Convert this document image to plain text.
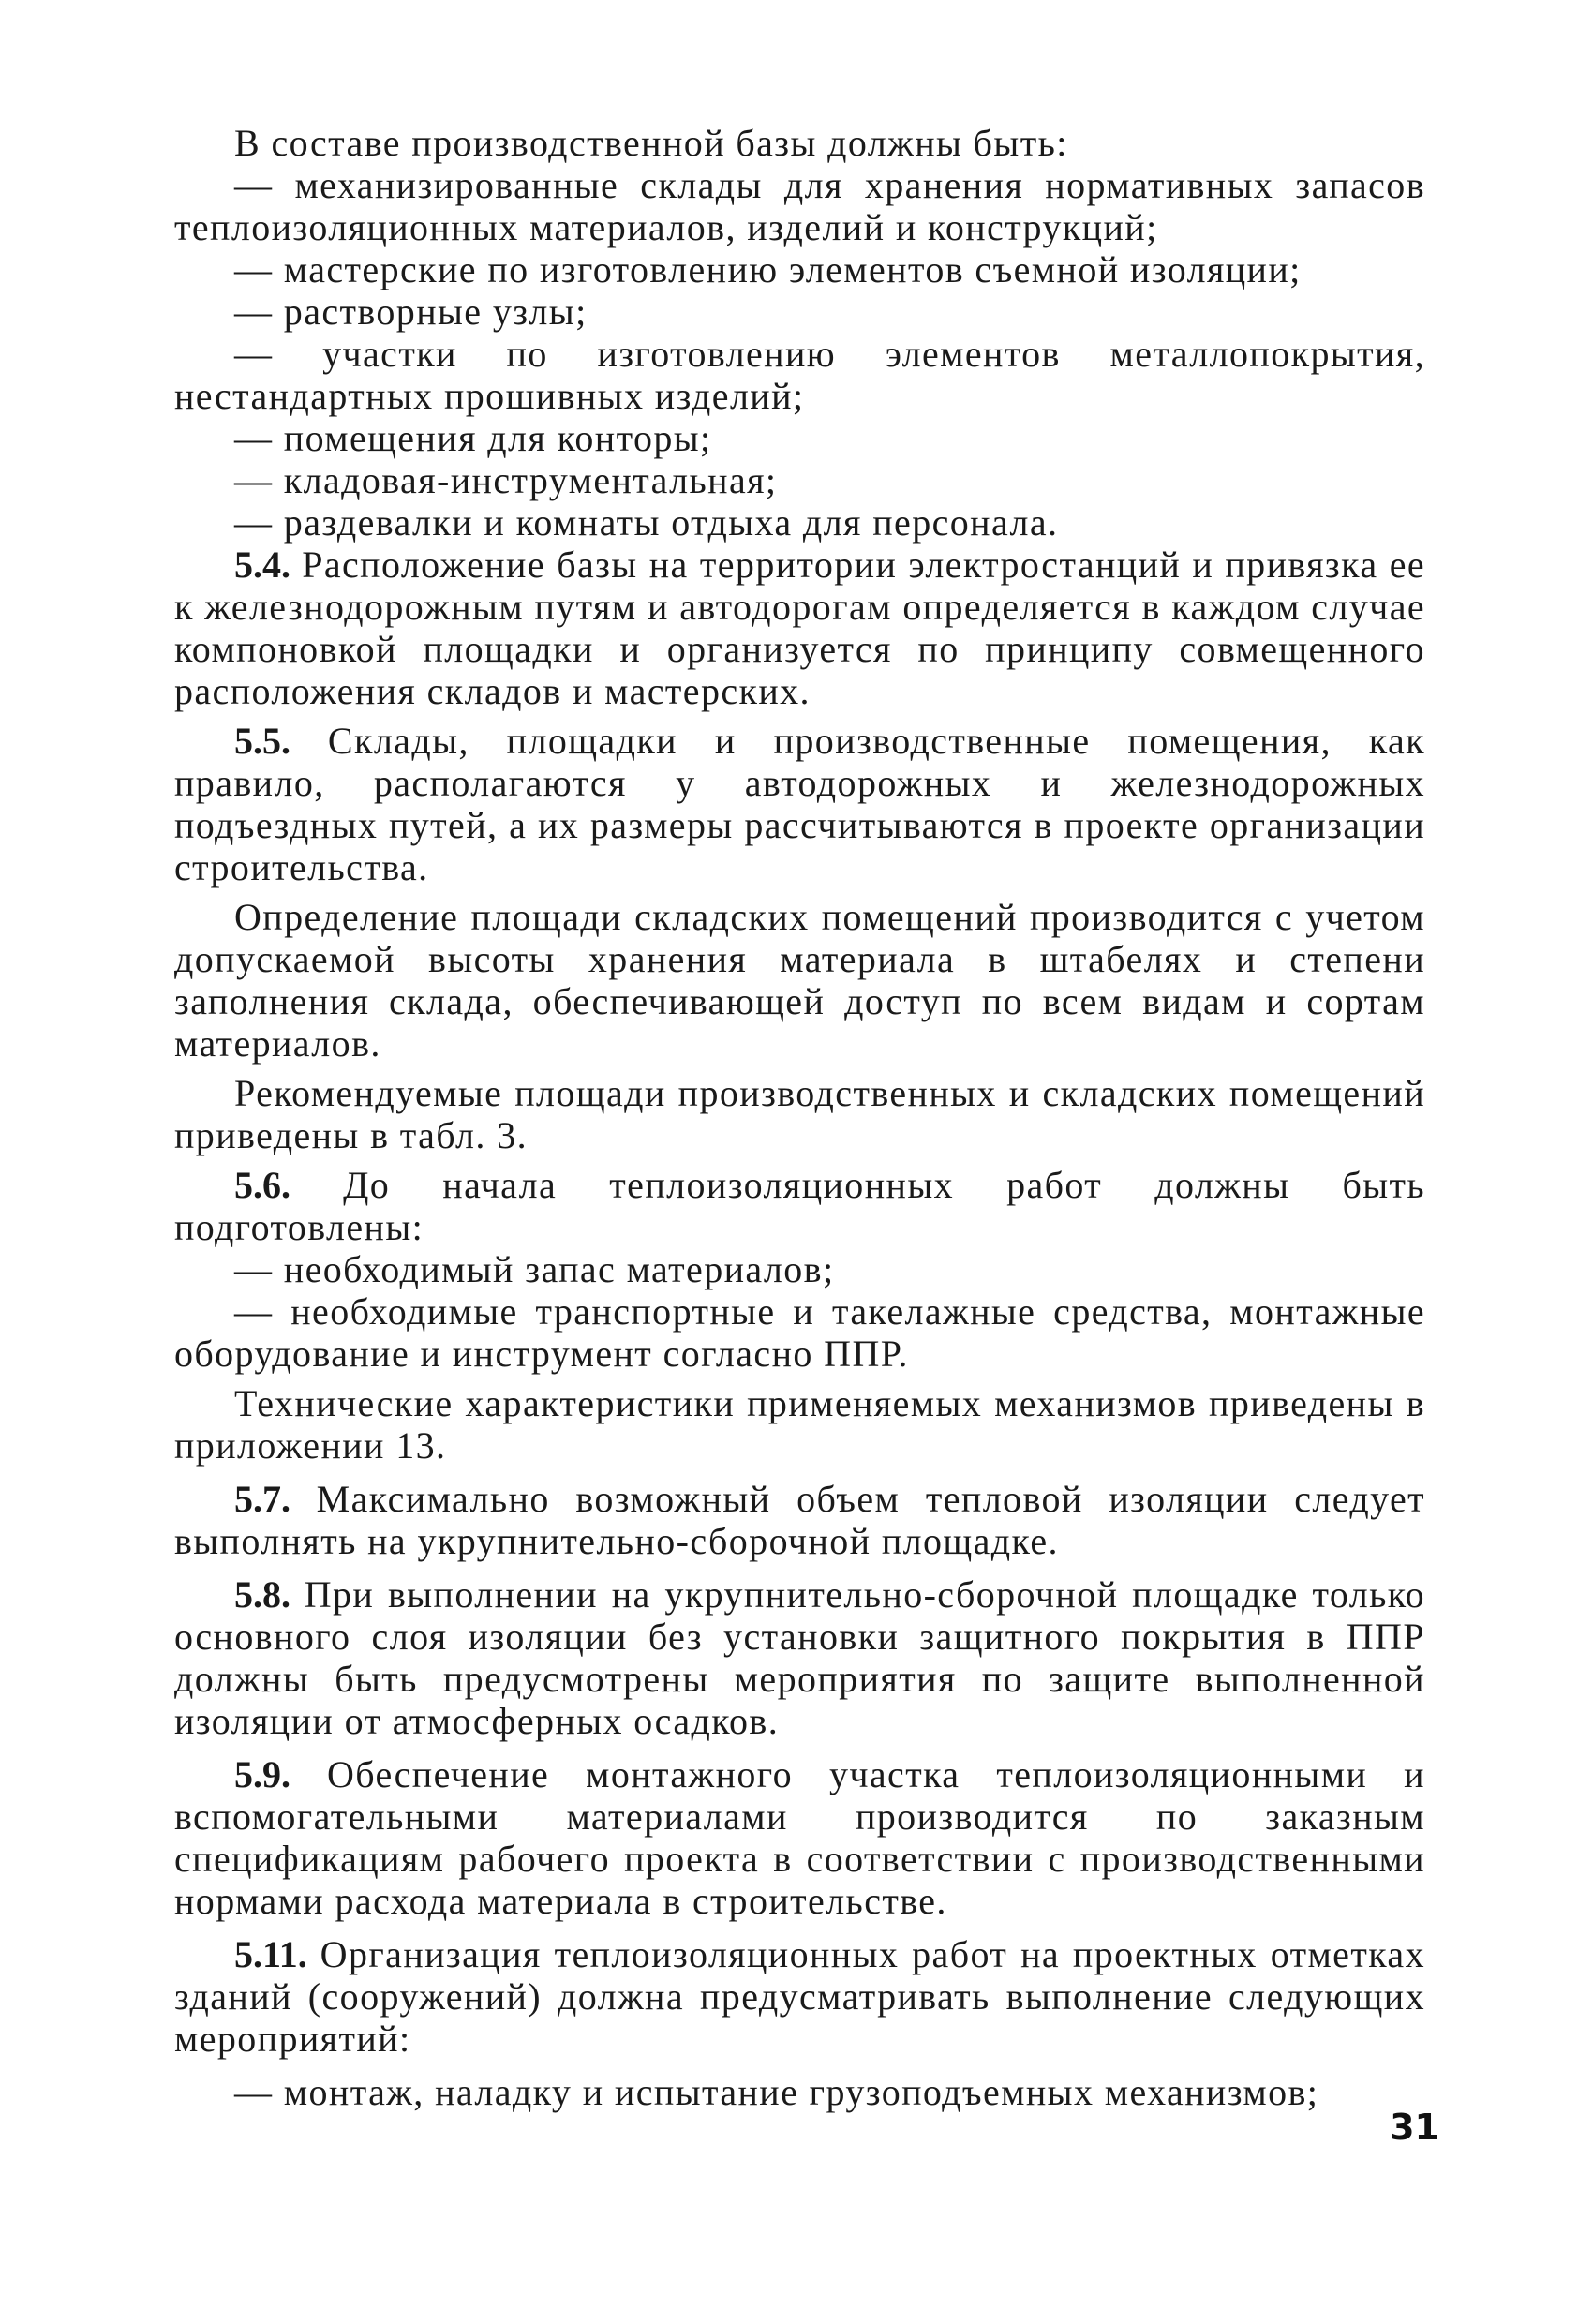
В составе производственной базы должны быть:

— механизированные склады для хранения нормативных запасов теплоизоляционных материалов, изделий и конструкций;

— мастерские по изготовлению элементов съемной изоляции;

— растворные узлы;

— участки по изготовлению элементов металлопокрытия, нестандартных прошивных изделий;

— помещения для конторы;

— кладовая-инструментальная;

— раздевалки и комнаты отдыха для персонала.

5.4. Расположение базы на территории электростанций и привязка ее к железнодорожным путям и автодорогам определяется в каждом случае компоновкой площадки и организуется по принципу совмещенного расположения складов и мастерских.

5.5. Склады, площадки и производственные помещения, как правило, располагаются у автодорожных и железнодорожных подъездных путей, а их размеры рассчитываются в проекте организации строительства.

Определение площади складских помещений производится с учетом допускаемой высоты хранения материала в штабелях и степени заполнения склада, обеспечивающей доступ по всем видам и сортам материалов.

Рекомендуемые площади производственных и складских помещений приведены в табл. 3.

5.6. До начала теплоизоляционных работ должны быть подготовлены:

— необходимый запас материалов;

— необходимые транспортные и такелажные средства, монтажные оборудование и инструмент согласно ППР.

Технические характеристики применяемых механизмов приведены в приложении 13.

5.7. Максимально возможный объем тепловой изоляции следует выполнять на укрупнительно-сборочной площадке.

5.8. При выполнении на укрупнительно-сборочной площадке только основного слоя изоляции без установки защитного покрытия в ППР должны быть предусмотрены мероприятия по защите выполненной изоляции от атмосферных осадков.

5.9. Обеспечение монтажного участка теплоизоляционными и вспомогательными материалами производится по заказным спецификациям рабочего проекта в соответствии с производственными нормами расхода материала в строительстве.

5.11. Организация теплоизоляционных работ на проектных отметках зданий (сооружений) должна предусматривать выполнение следующих мероприятий:

— монтаж, наладку и испытание грузоподъемных механизмов;

31
